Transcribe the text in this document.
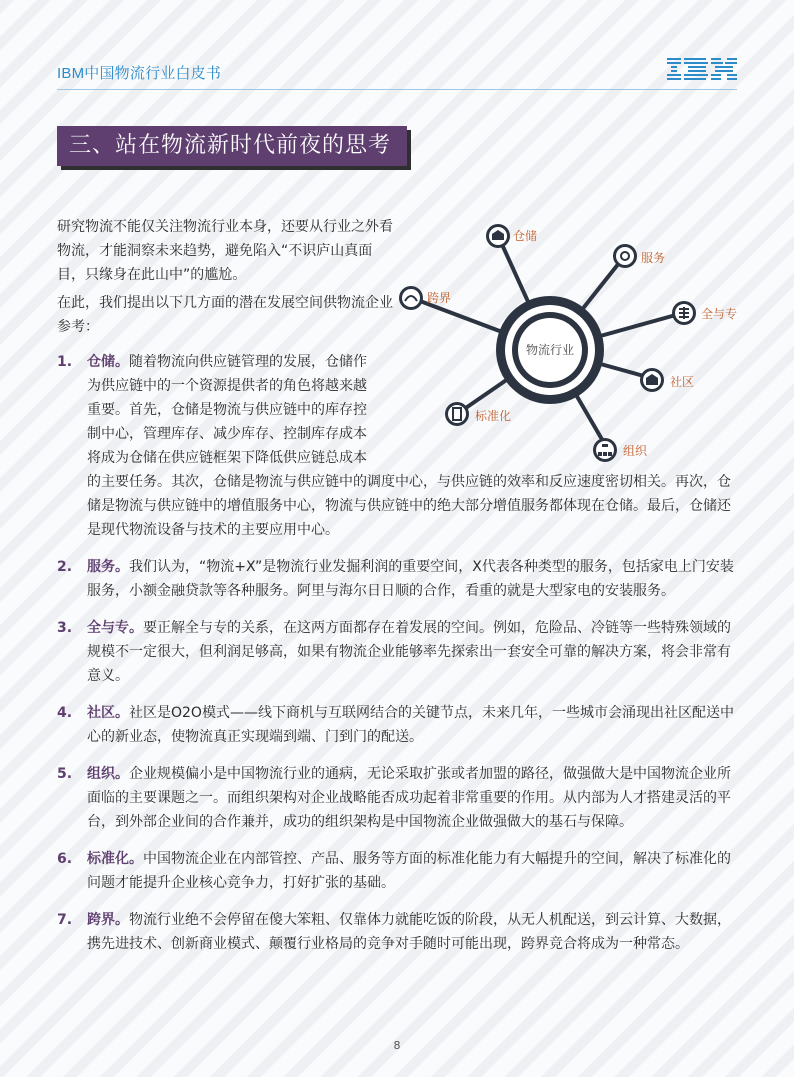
IBM中国物流行业白皮书
三、站在物流新时代前夜的思考

研究物流不能仅关注物流行业本身，还要从行业之外看物流，才能洞察未来趋势，避免陷入“不识庐山真面目，只缘身在此山中”的尴尬。

在此，我们提出以下几方面的潜在发展空间供物流企业参考：

物流行业
仓储
服务
全与专
社区
组织
标准化
跨界
1. 仓储。随着物流向供应链管理的发展，仓储作
为供应链中的一个资源提供者的角色将越来越
重要。首先，仓储是物流与供应链中的库存控
制中心，管理库存、减少库存、控制库存成本
将成为仓储在供应链框架下降低供应链总成本
的主要任务。其次，仓储是物流与供应链中的调度中心，与供应链的效率和反应速度密切相关。再次，仓储是物流与供应链中的增值服务中心，物流与供应链中的绝大部分增值服务都体现在仓储。最后，仓储还是现代物流设备与技术的主要应用中心。
2. 服务。我们认为，“物流+X”是物流行业发掘利润的重要空间，X代表各种类型的服务，包括家电上门安装服务，小额金融贷款等各种服务。阿里与海尔日日顺的合作，看重的就是大型家电的安装服务。
3. 全与专。要正解全与专的关系，在这两方面都存在着发展的空间。例如，危险品、冷链等一些特殊领域的规模不一定很大，但利润足够高，如果有物流企业能够率先探索出一套安全可靠的解决方案，将会非常有意义。
4. 社区。社区是O2O模式——线下商机与互联网结合的关键节点，未来几年，一些城市会涌现出社区配送中心的新业态，使物流真正实现端到端、门到门的配送。
5. 组织。企业规模偏小是中国物流行业的通病，无论采取扩张或者加盟的路径，做强做大是中国物流企业所面临的主要课题之一。而组织架构对企业战略能否成功起着非常重要的作用。从内部为人才搭建灵活的平台，到外部企业间的合作兼并，成功的组织架构是中国物流企业做强做大的基石与保障。
6. 标准化。中国物流企业在内部管控、产品、服务等方面的标准化能力有大幅提升的空间，解决了标准化的问题才能提升企业核心竞争力，打好扩张的基础。
7. 跨界。物流行业绝不会停留在傻大笨粗、仅靠体力就能吃饭的阶段，从无人机配送，到云计算、大数据，携先进技术、创新商业模式、颠覆行业格局的竞争对手随时可能出现，跨界竞合将成为一种常态。
8
